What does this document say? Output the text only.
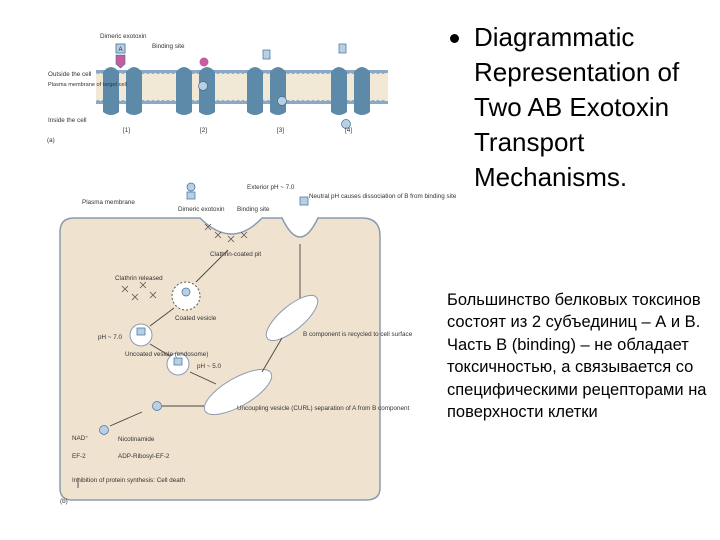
A
Dimeric exotoxin
Binding site
Outside the cell
Plasma membrane of target cell
Inside the cell
(a)
[1]	[2]	[3]	[4]
Plasma membrane
Dimeric exotoxin Binding site
Exterior pH ~ 7.0
Clathrin-coated pit
Clathrin released
Coated vesicle
pH ~ 7.0
Uncoated vesicle (endosome)
pH ~ 5.0
Neutral pH causes dissociation of B from binding site
B component is recycled to cell surface
Uncoupling vesicle (CURL) separation of A from B component
NAD⁺	Nicotinamide
EF-2	ADP-Ribosyl-EF-2
Inhibition of protein synthesis: Cell death
(b)
Diagrammatic Representation of Two AB Exotoxin Transport Mechanisms.
Большинство белковых токсинов состоят из 2 субъединиц – А и В. Часть B (binding) – не обладает токсичностью, а связывается со специфическими рецепторами на поверхности клетки
